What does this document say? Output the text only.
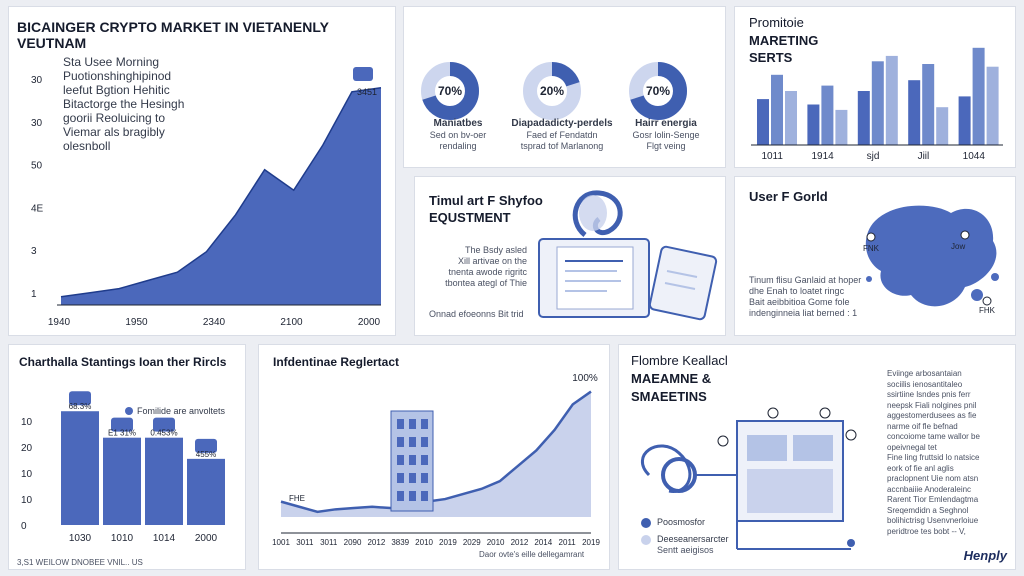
BICAINGER CRYPTO MARKET IN VIETANENLY VEUTNAM
Sta Usee Morning
Puotionshinghipinod
leefut Bgtion Hehitic
Bitactorge the Hesingh
goorii Reoluicing to
Viemar als bragibly
olesnboll
30
30
50
4E
3
1
1940	1950	2340	2100	2000
3451	70%	20%	70%
Maniatbes
Sed on bv-oer
rendaling
Diapadadicty-perdels
Faed ef Fendatdn
tsprad tof Marlanong
Hairr energia
Gosr lolin-Senge
Flgt veing
Promitoie
MARETING
SERTS
1011	1914	sjd	Jiil	1044
Timul art F Shyfoo
EQUSTMENT
The Bsdy asled
Xill artivae on the
tnenta awode rigritc
tbontea ategl of Thie
Onnad efoeonns Bit trid
User F Gorld
FNK	Jow
FHK
Tinum flisu Ganlaid at hoper
dhe Enah to loatet ringc
Bait aeibbitioa Gome fole
indenginneia liat berned : 1
Charthalla Stantings Ioan ther Rircls
10
20
10
10
0
68.3%
1030
E1 31%
1010
0.453%
1014
455%
2000
Fomilide are anvoltets
3,S1 WEILOW DNOBEE VNIL.. US
Infdentinae Reglertact
1001 3011 3011 2090 2012 3839 2010 2019 2029 2010 2012 2014 2011 2019
100%
FHE
Daor ovte's eille dellegamrant
Flombre Keallacl
MAEAMNE &
SMAEETINS
Poosmosfor
Deeseanersarcter
Sentt aeigisos
Eviinge arbosantaian
sociilis ienosantitaleo
ssirtiine lsndes pnis ferr
neepsk Fiali nolgines pnil
aggestomerdusees as fie
narme oif fle befnad
concoiome tame wallor be
opeivnegal tet
Fine ling fruttsid lo natsice
eork of fie anl aglis
praclopnent Uie nom atsn
accnbaiiie Anoderaleinc
Rarent Tior Emlendagtma
Sreqemdidn a Seghnol
bolihictrisg Usenvnerloiue
peridtroe tes bobt -- V,
Henply
